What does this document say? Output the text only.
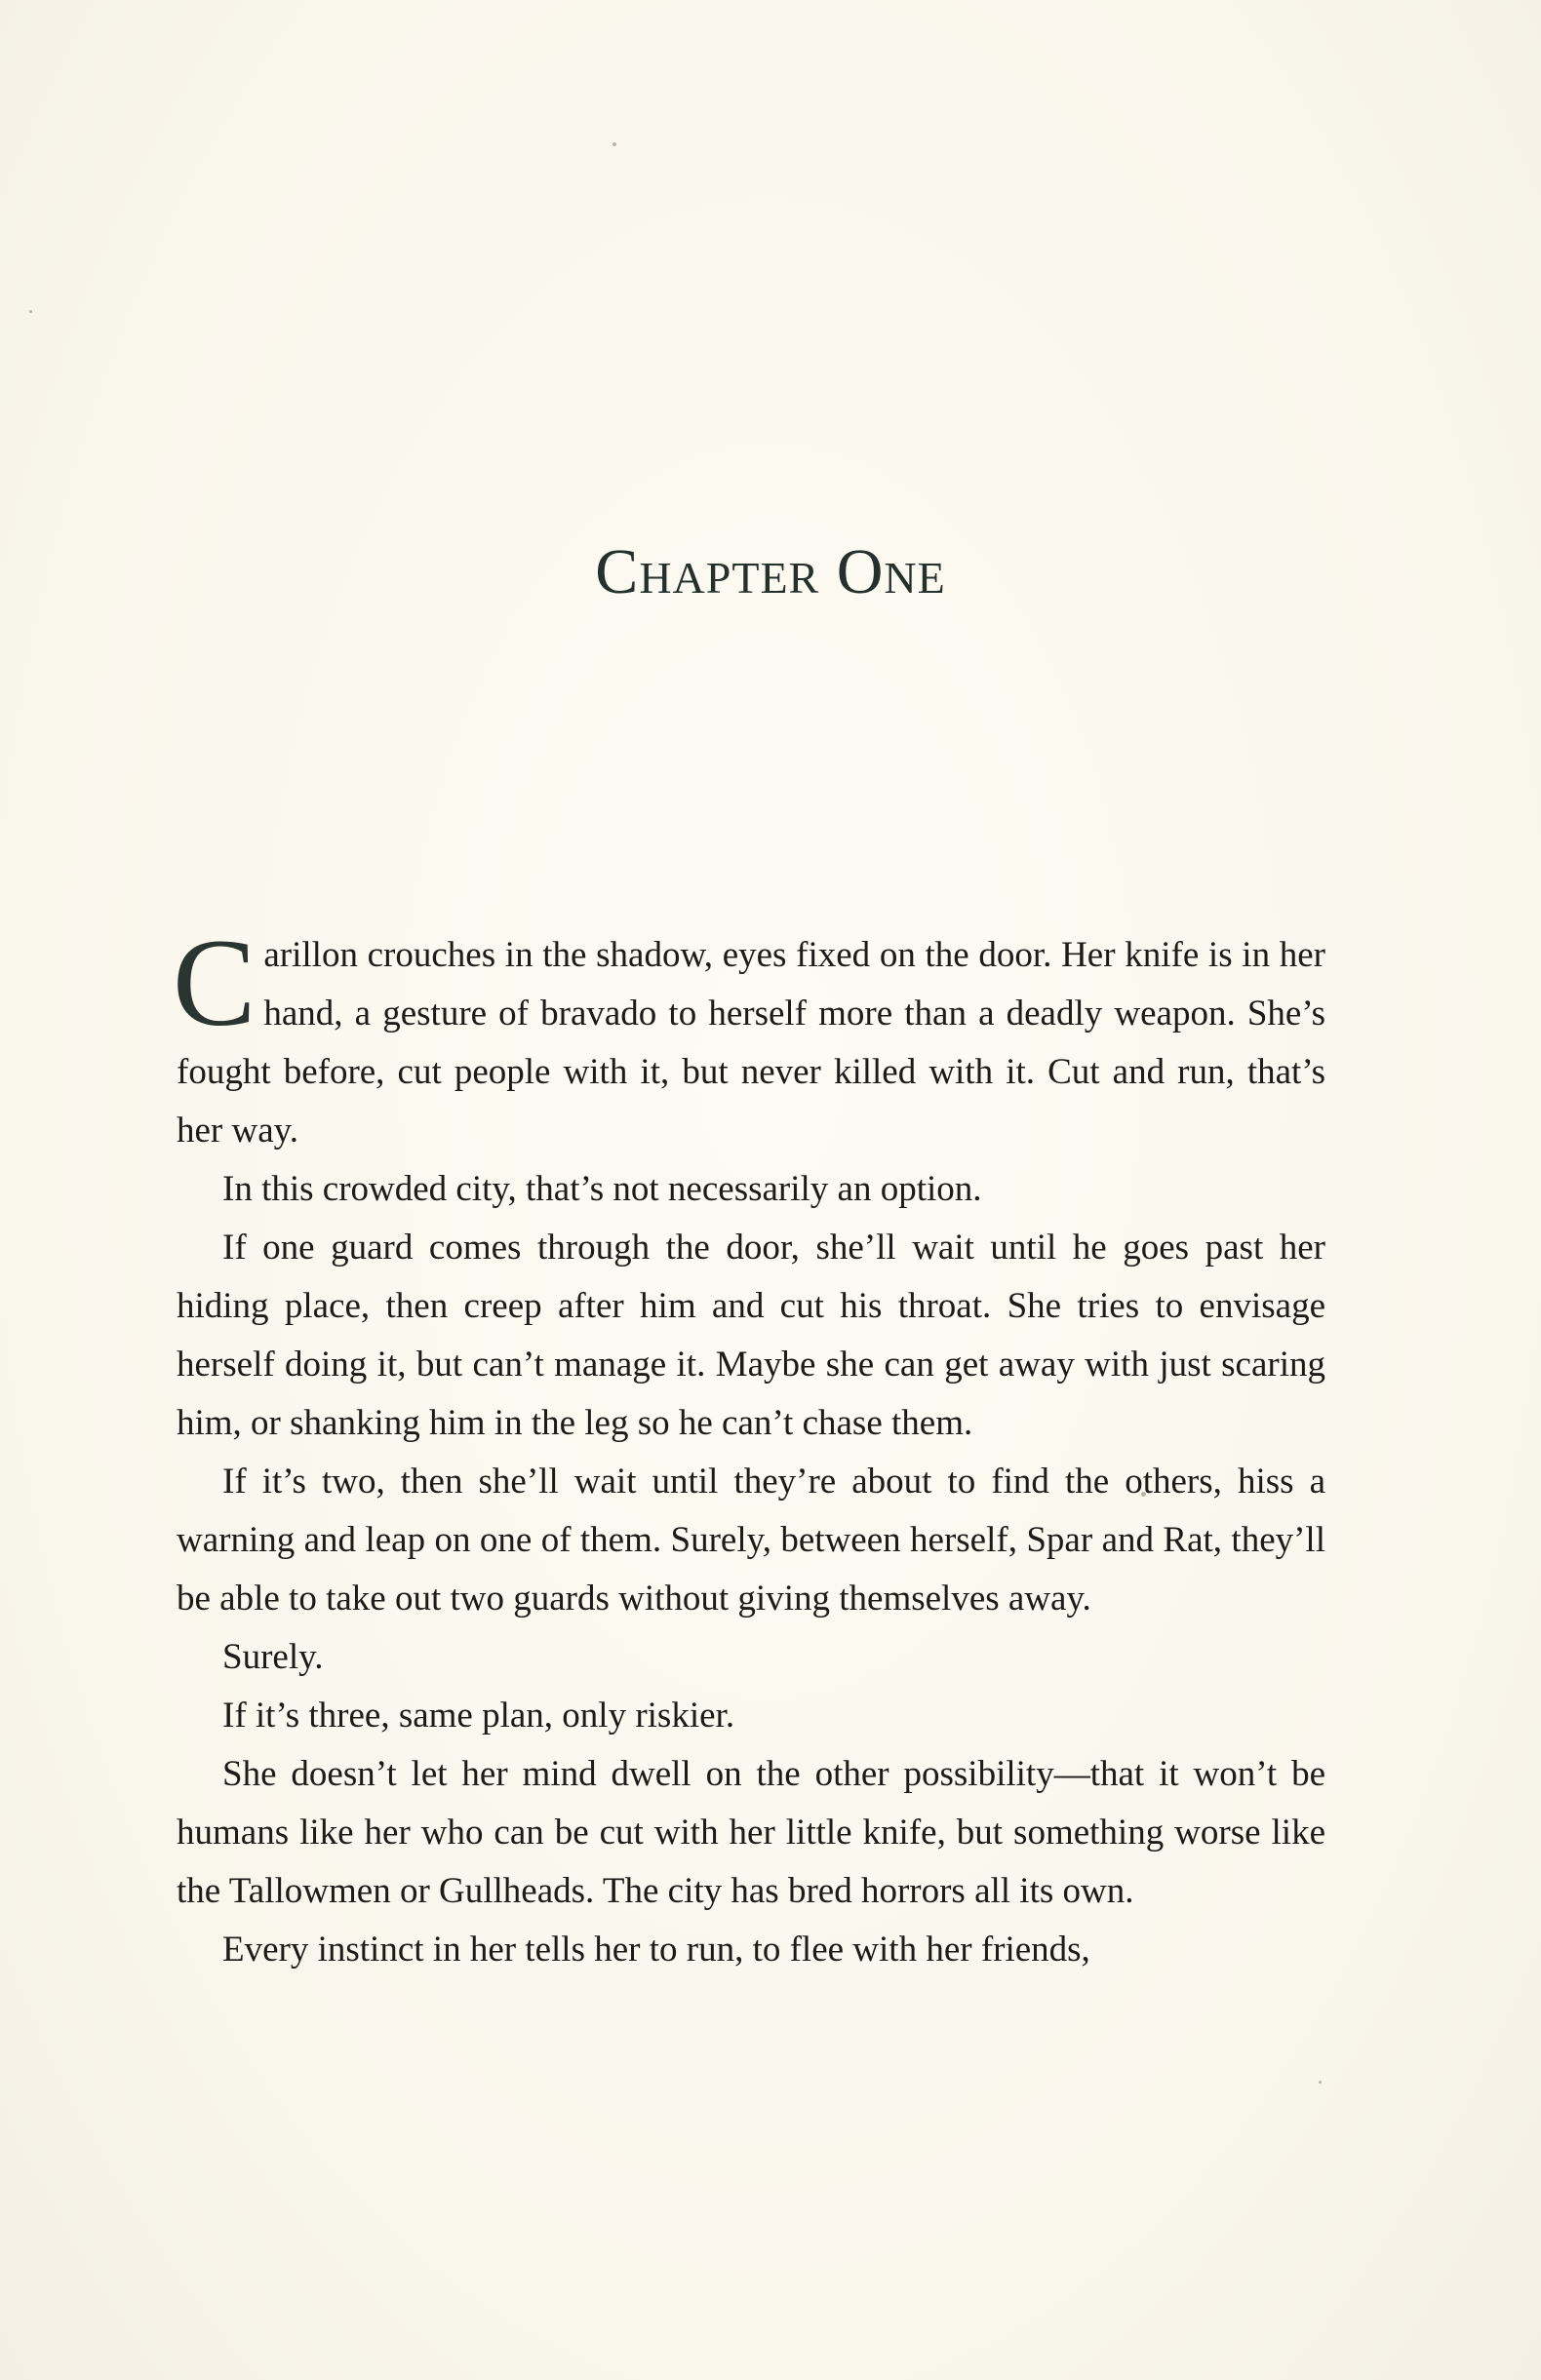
Chapter One

Carillon crouches in the shadow, eyes fixed on the door. Her knife is in her hand, a gesture of bravado to herself more than a deadly weapon. She’s fought before, cut people with it, but never killed with it. Cut and run, that’s her way.

In this crowded city, that’s not necessarily an option.

If one guard comes through the door, she’ll wait until he goes past her hiding place, then creep after him and cut his throat. She tries to envisage herself doing it, but can’t manage it. Maybe she can get away with just scaring him, or shanking him in the leg so he can’t chase them.

If it’s two, then she’ll wait until they’re about to find the others, hiss a warning and leap on one of them. Surely, between herself, Spar and Rat, they’ll be able to take out two guards without giving themselves away.

Surely.

If it’s three, same plan, only riskier.

She doesn’t let her mind dwell on the other possibility—that it won’t be humans like her who can be cut with her little knife, but something worse like the Tallowmen or Gullheads. The city has bred horrors all its own.

Every instinct in her tells her to run, to flee with her friends,
